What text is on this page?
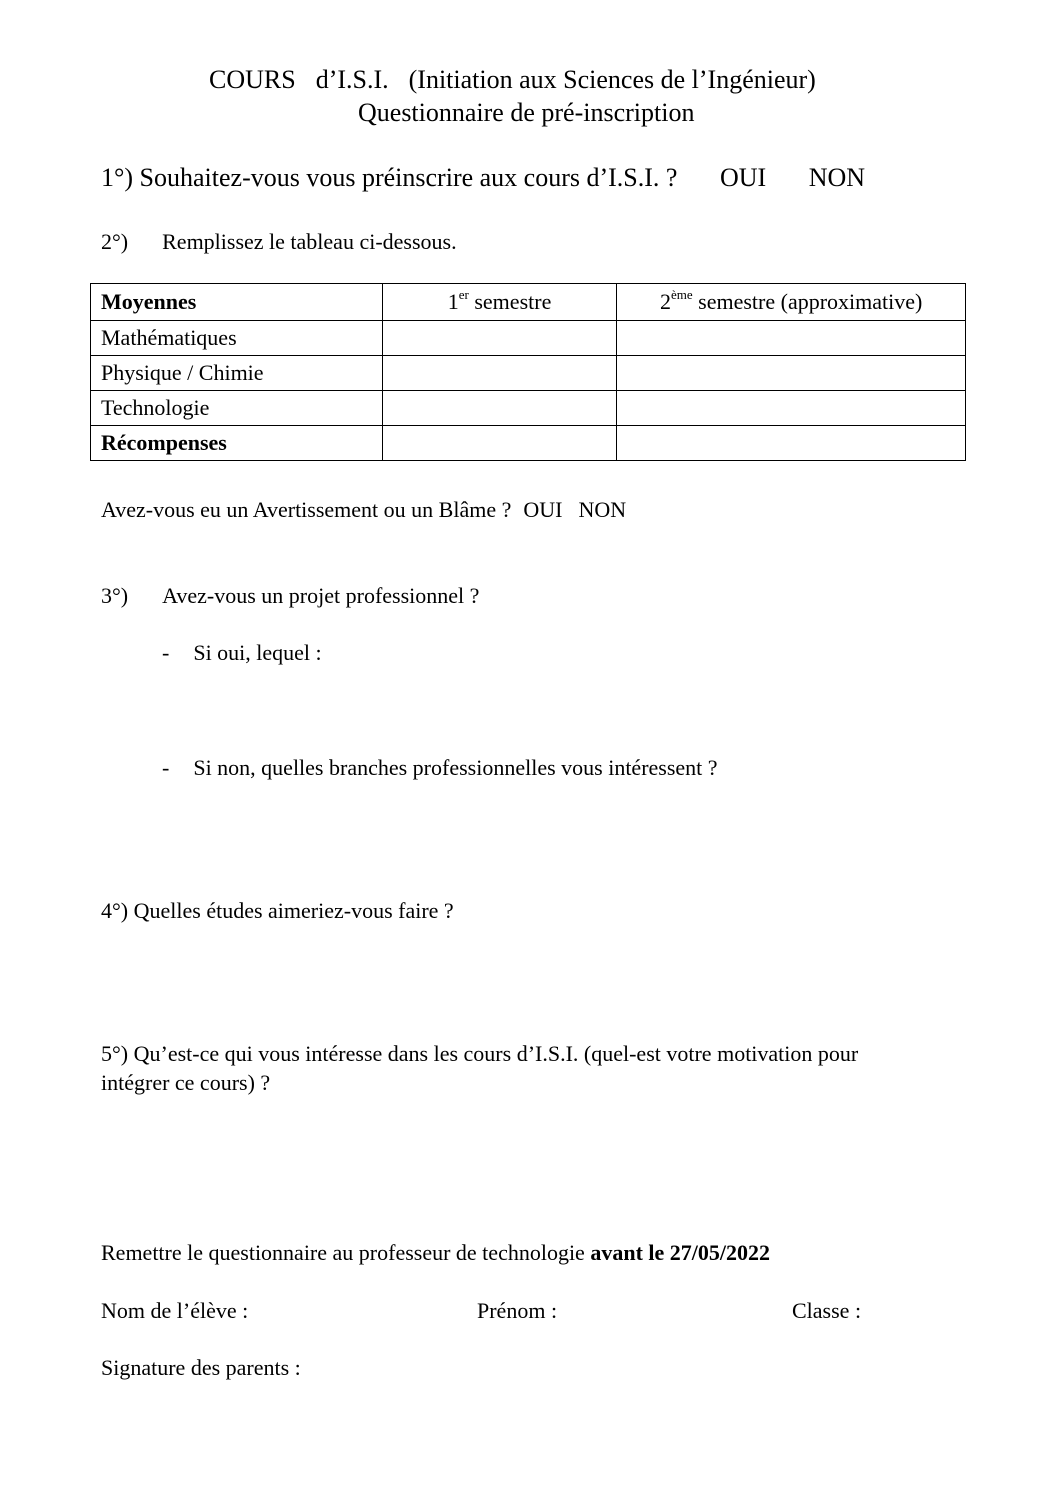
COURS d’I.S.I. (Initiation aux Sciences de l’Ingénieur)
Questionnaire de pré-inscription
1°) Souhaitez-vous vous préinscrire aux cours d’I.S.I. ? OUI NON
2°) Remplissez le tableau ci-dessous.
Moyennes	1er semestre	2ème semestre (approximative)
Mathématiques		
Physique / Chimie		
Technologie		
Récompenses		
Avez-vous eu un Avertissement ou un Blâme ? OUI NON
3°) Avez-vous un projet professionnel ?
- Si oui, lequel :
- Si non, quelles branches professionnelles vous intéressent ?
4°) Quelles études aimeriez-vous faire ?
5°) Qu’est-ce qui vous intéresse dans les cours d’I.S.I. (quel-est votre motivation pour
intégrer ce cours) ?
Remettre le questionnaire au professeur de technologie avant le 27/05/2022
Nom de l’élève :	Prénom :	Classe :
Signature des parents :
